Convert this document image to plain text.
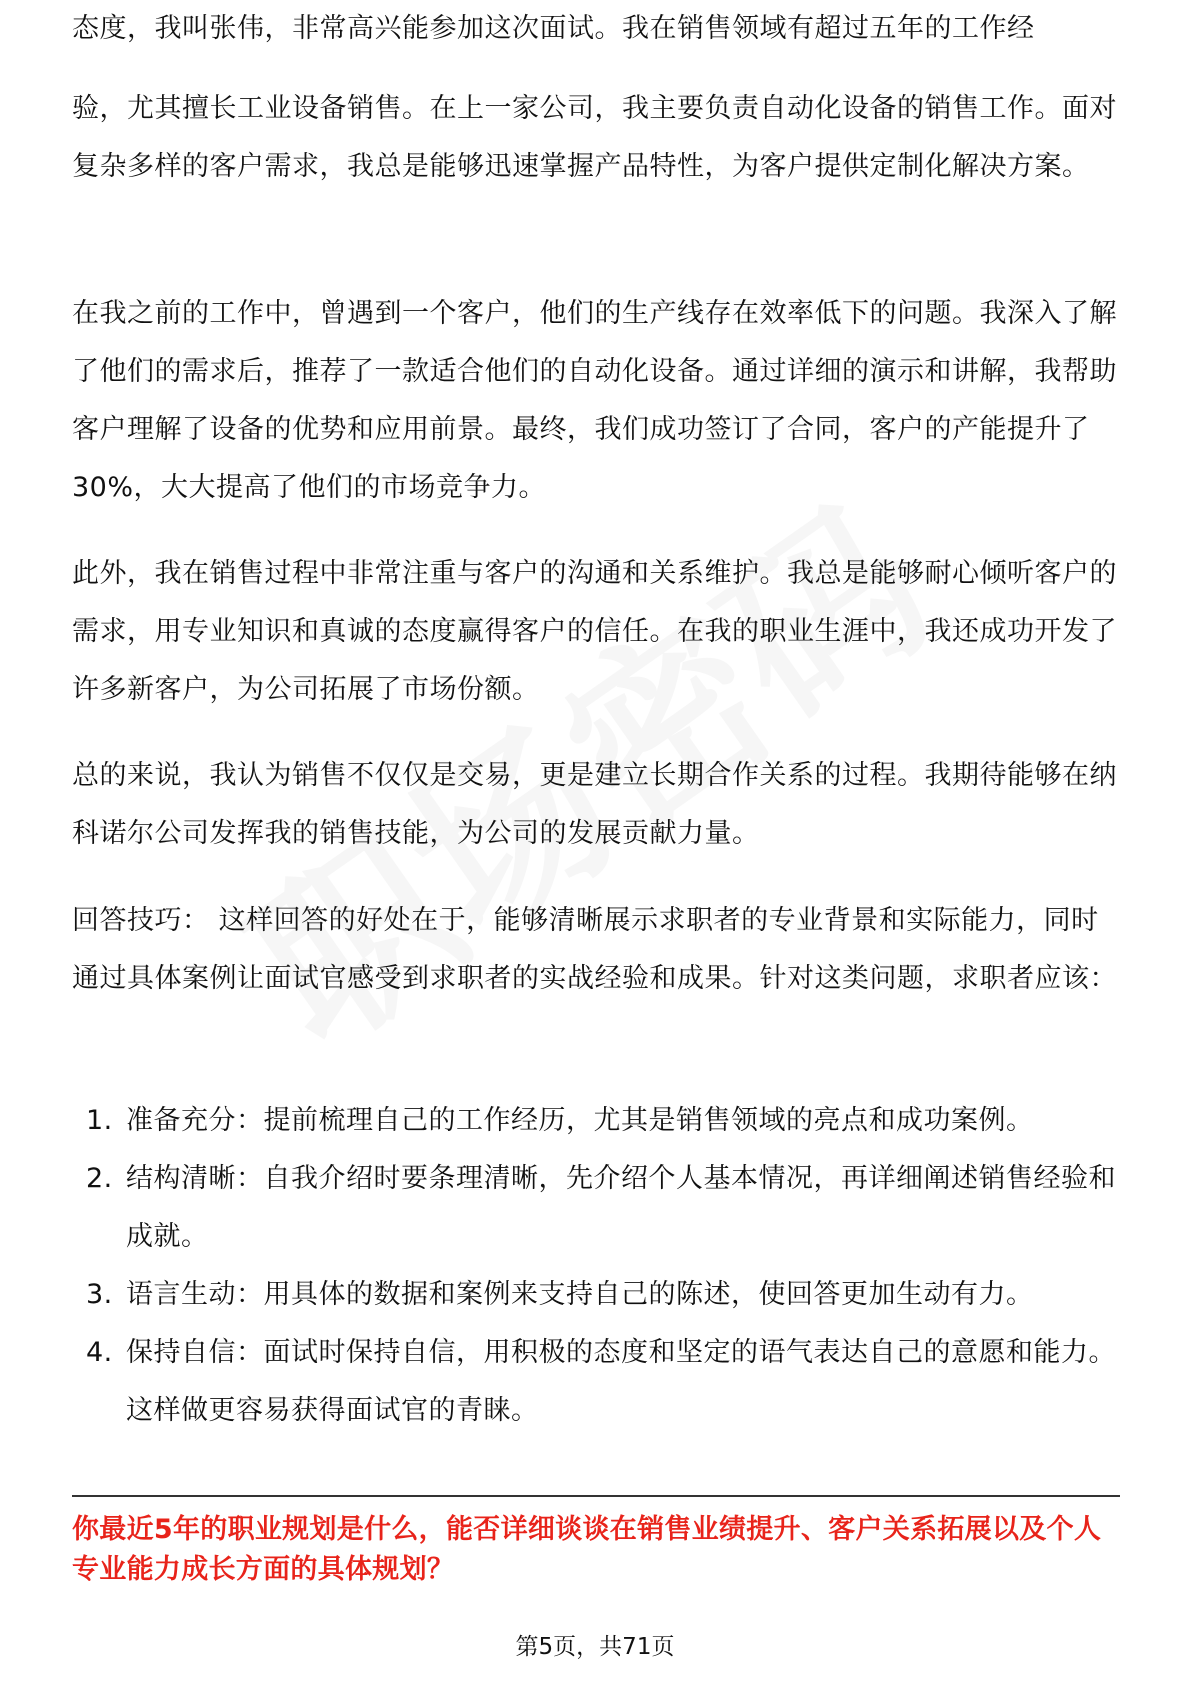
态度，我叫张伟，非常高兴能参加这次面试。我在销售领域有超过五年的工作经

验，尤其擅长工业设备销售。在上一家公司，我主要负责自动化设备的销售工作。面对复杂多样的客户需求，我总是能够迅速掌握产品特性，为客户提供定制化解决方案。

在我之前的工作中，曾遇到一个客户，他们的生产线存在效率低下的问题。我深入了解了他们的需求后，推荐了一款适合他们的自动化设备。通过详细的演示和讲解，我帮助客户理解了设备的优势和应用前景。最终，我们成功签订了合同，客户的产能提升了30%，大大提高了他们的市场竞争力。

此外，我在销售过程中非常注重与客户的沟通和关系维护。我总是能够耐心倾听客户的需求，用专业知识和真诚的态度赢得客户的信任。在我的职业生涯中，我还成功开发了许多新客户，为公司拓展了市场份额。

总的来说，我认为销售不仅仅是交易，更是建立长期合作关系的过程。我期待能够在纳科诺尔公司发挥我的销售技能，为公司的发展贡献力量。

回答技巧： 这样回答的好处在于，能够清晰展示求职者的专业背景和实际能力，同时通过具体案例让面试官感受到求职者的实战经验和成果。针对这类问题，求职者应该：

1. 准备充分：提前梳理自己的工作经历，尤其是销售领域的亮点和成功案例。
2. 结构清晰：自我介绍时要条理清晰，先介绍个人基本情况，再详细阐述销售经验和成就。
3. 语言生动：用具体的数据和案例来支持自己的陈述，使回答更加生动有力。
4. 保持自信：面试时保持自信，用积极的态度和坚定的语气表达自己的意愿和能力。这样做更容易获得面试官的青睐。

你最近5年的职业规划是什么，能否详细谈谈在销售业绩提升、客户关系拓展以及个人专业能力成长方面的具体规划？

第5页，共71页
